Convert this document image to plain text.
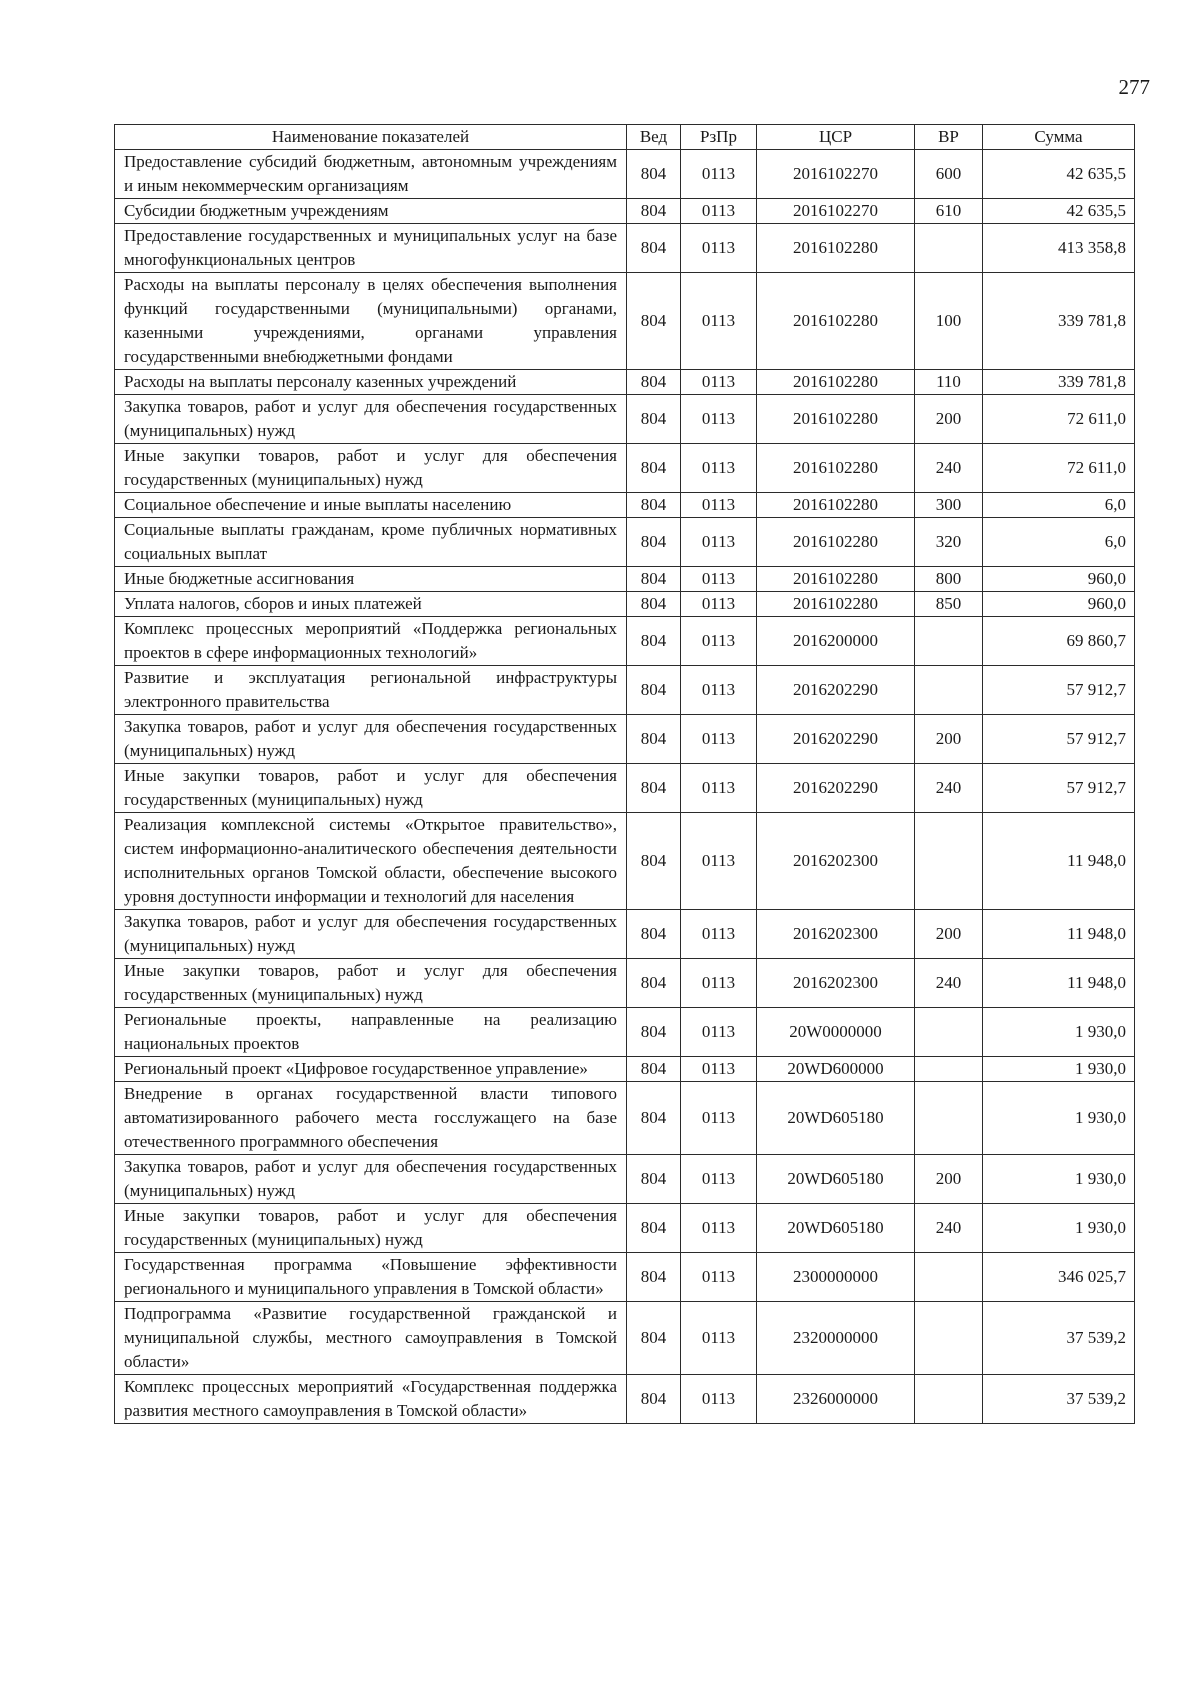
277
Наименование показателей	Вед	РзПр	ЦСР	ВР	Сумма
Предоставление субсидий бюджетным, автономным учреждениям и иным некоммерческим организациям	804	0113	2016102270	600	42 635,5
Субсидии бюджетным учреждениям	804	0113	2016102270	610	42 635,5
Предоставление государственных и муниципальных услуг на базе многофункциональных центров	804	0113	2016102280		413 358,8
Расходы на выплаты персоналу в целях обеспечения выполнения функций государственными (муниципальными) органами, казенными учреждениями, органами управления государственными внебюджетными фондами	804	0113	2016102280	100	339 781,8
Расходы на выплаты персоналу казенных учреждений	804	0113	2016102280	110	339 781,8
Закупка товаров, работ и услуг для обеспечения государственных (муниципальных) нужд	804	0113	2016102280	200	72 611,0
Иные закупки товаров, работ и услуг для обеспечения государственных (муниципальных) нужд	804	0113	2016102280	240	72 611,0
Социальное обеспечение и иные выплаты населению	804	0113	2016102280	300	6,0
Социальные выплаты гражданам, кроме публичных нормативных социальных выплат	804	0113	2016102280	320	6,0
Иные бюджетные ассигнования	804	0113	2016102280	800	960,0
Уплата налогов, сборов и иных платежей	804	0113	2016102280	850	960,0
Комплекс процессных мероприятий «Поддержка региональных проектов в сфере информационных технологий»	804	0113	2016200000		69 860,7
Развитие и эксплуатация региональной инфраструктуры электронного правительства	804	0113	2016202290		57 912,7
Закупка товаров, работ и услуг для обеспечения государственных (муниципальных) нужд	804	0113	2016202290	200	57 912,7
Иные закупки товаров, работ и услуг для обеспечения государственных (муниципальных) нужд	804	0113	2016202290	240	57 912,7
Реализация комплексной системы «Открытое правительство», систем информационно-аналитического обеспечения деятельности исполнительных органов Томской области, обеспечение высокого уровня доступности информации и технологий для населения	804	0113	2016202300		11 948,0
Закупка товаров, работ и услуг для обеспечения государственных (муниципальных) нужд	804	0113	2016202300	200	11 948,0
Иные закупки товаров, работ и услуг для обеспечения государственных (муниципальных) нужд	804	0113	2016202300	240	11 948,0
Региональные проекты, направленные на реализацию национальных проектов	804	0113	20W0000000		1 930,0
Региональный проект «Цифровое государственное управление»	804	0113	20WD600000		1 930,0
Внедрение в органах государственной власти типового автоматизированного рабочего места госслужащего на базе отечественного программного обеспечения	804	0113	20WD605180		1 930,0
Закупка товаров, работ и услуг для обеспечения государственных (муниципальных) нужд	804	0113	20WD605180	200	1 930,0
Иные закупки товаров, работ и услуг для обеспечения государственных (муниципальных) нужд	804	0113	20WD605180	240	1 930,0
Государственная программа «Повышение эффективности регионального и муниципального управления в Томской области»	804	0113	2300000000		346 025,7
Подпрограмма «Развитие государственной гражданской и муниципальной службы, местного самоуправления в Томской области»	804	0113	2320000000		37 539,2
Комплекс процессных мероприятий «Государственная поддержка развития местного самоуправления в Томской области»	804	0113	2326000000		37 539,2
